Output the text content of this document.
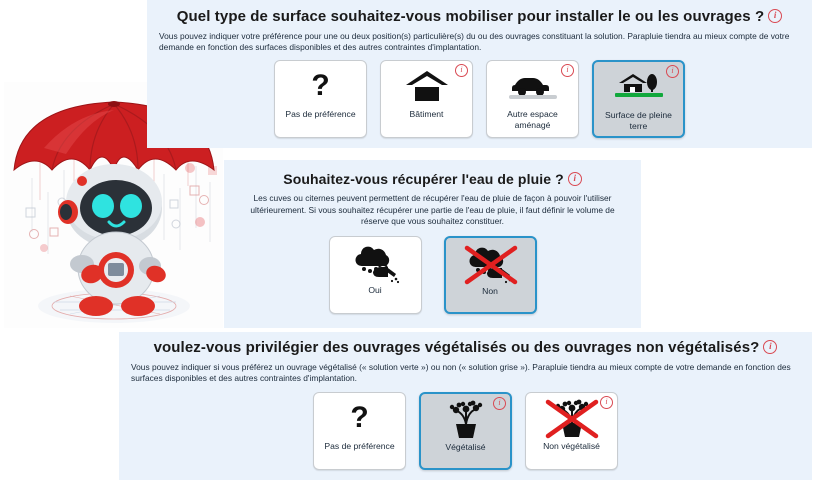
Quel type de surface souhaitez-vous mobiliser pour installer le ou les ouvrages ?i

Vous pouvez indiquer votre préférence pour une ou deux position(s) particulière(s) du ou des ouvrages constituant la solution. Parapluie tiendra au mieux compte de votre demande en fonction des surfaces disponibles et des autres contraintes d'implantation.

?
Pas de préférence
i	Bâtiment
i	Autre espace aménagé
i
Surface de pleine terre
Souhaitez-vous récupérer l'eau de pluie ?i

Les cuves ou citernes peuvent permettent de récupérer l'eau de pluie de façon à pouvoir l'utiliser ultérieurement. Si vous souhaitez récupérer une partie de l'eau de pluie, il faut définir le volume de réserve que vous souhaitez constituer.

Oui	Non
voulez-vous privilégier des ouvrages végétalisés ou des ouvrages non végétalisés?i

Vous pouvez indiquer si vous préférez un ouvrage végétalisé (« solution verte ») ou non (« solution grise »). Parapluie tiendra au mieux compte de votre demande en fonction des surfaces disponibles et des autres contraintes d'implantation.

?
Pas de préférence
i	Végétalisé
i	Non végétalisé
